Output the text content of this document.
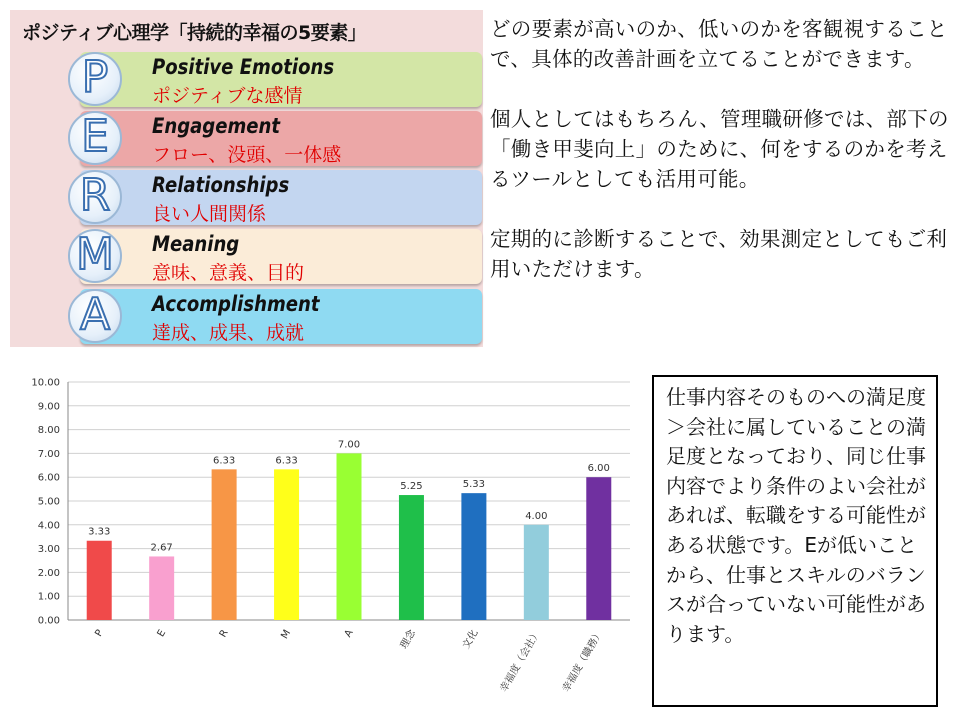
ポジティブ心理学「持続的幸福の5要素」
P	Positive Emotions
ポジティブな感情
E	Engagement
フロー、没頭、一体感
R	Relationships
良い人間関係
M	Meaning
意味、意義、目的
A	Accomplishment
達成、成果、成就

どの要素が高いのか、低いのかを客観視することで、具体的改善計画を立てることができます。

個人としてはもちろん、管理職研修では、部下の「働き甲斐向上」のために、何をするのかを考えるツールとしても活用可能。

定期的に診断することで、効果測定としてもご利用いただけます。

0.00
1.00
2.00
3.00
4.00
5.00
6.00
7.00
8.00
9.00
10.00
3.33
P
2.67
E
6.33
R
6.33
M
7.00
A
5.25
理念
5.33
文化
4.00
幸福度（会社）
6.00
幸福度（職務）
仕事内容そのものへの満足度＞会社に属していることの満足度となっており、同じ仕事内容でより条件のよい会社があれば、転職をする可能性がある状態です。Eが低いことから、仕事とスキルのバランスが合っていない可能性があります。
